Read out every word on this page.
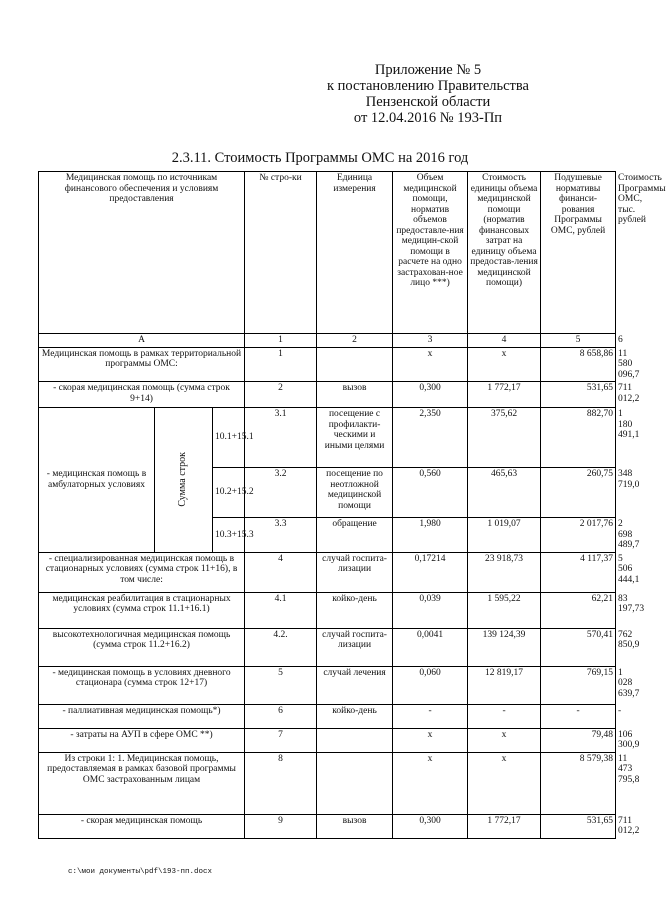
Приложение № 5
к постановлению Правительства
Пензенской области
от 12.04.2016 № 193-Пп
2.3.11. Стоимость Программы ОМС на 2016 год
Медицинская помощь по источникам финансового обеспечения и условиям предоставления			№ стро-ки	Единица измерения	Объем медицинской помощи, норматив объемов предоставле-ния медицин-ской помощи в расчете на одно застрахован-ное лицо ***)	Стоимость единицы объема медицинской помощи (норматив финансовых затрат на единицу объема предостав-ления медицинской помощи)	Подушевые нормативы финанси-рования Программы ОМС, рублей	Стоимость Программы ОМС, тыс. рублей
А			1	2	3	4	5	6
Медицинская помощь в рамках территориальной программы ОМС:			1		х	х	8 658,86	11 580 096,7
- скорая медицинская помощь (сумма строк 9+14)			2	вызов	0,300	1 772,17	531,65	711 012,2
- медицинская помощь в амбулаторных условиях	Сумма строк	10.1+15.1	3.1	посещение с профилакти-ческими и иными целями	2,350	375,62	882,70	1 180 491,1
		10.2+15.2	3.2	посещение по неотложной медицинской помощи	0,560	465,63	260,75	348 719,0
		10.3+15.3	3.3	обращение	1,980	1 019,07	2 017,76	2 698 489,7
- специализированная медицинская помощь в стационарных условиях (сумма строк 11+16), в том числе:			4	случай госпита-лизации	0,17214	23 918,73	4 117,37	5 506 444,1
медицинская реабилитация в стационарных условиях (сумма строк 11.1+16.1)			4.1	койко-день	0,039	1 595,22	62,21	83 197,73
высокотехнологичная медицинская помощь (сумма строк 11.2+16.2)			4.2.	случай госпита-лизации	0,0041	139 124,39	570,41	762 850,9
- медицинская помощь в условиях дневного стационара (сумма строк 12+17)			5	случай лечения	0,060	12 819,17	769,15	1 028 639,7
- паллиативная медицинская помощь*)			6	койко-день	-	-	-	-
- затраты на АУП в сфере ОМС **)			7		х	х	79,48	106 300,9
Из строки 1: 1. Медицинская помощь, предоставляемая в рамках базовой программы ОМС застрахованным лицам			8		х	х	8 579,38	11 473 795,8
- скорая медицинская помощь			9	вызов	0,300	1 772,17	531,65	711 012,2
c:\мои документы\pdf\193-пп.docx
